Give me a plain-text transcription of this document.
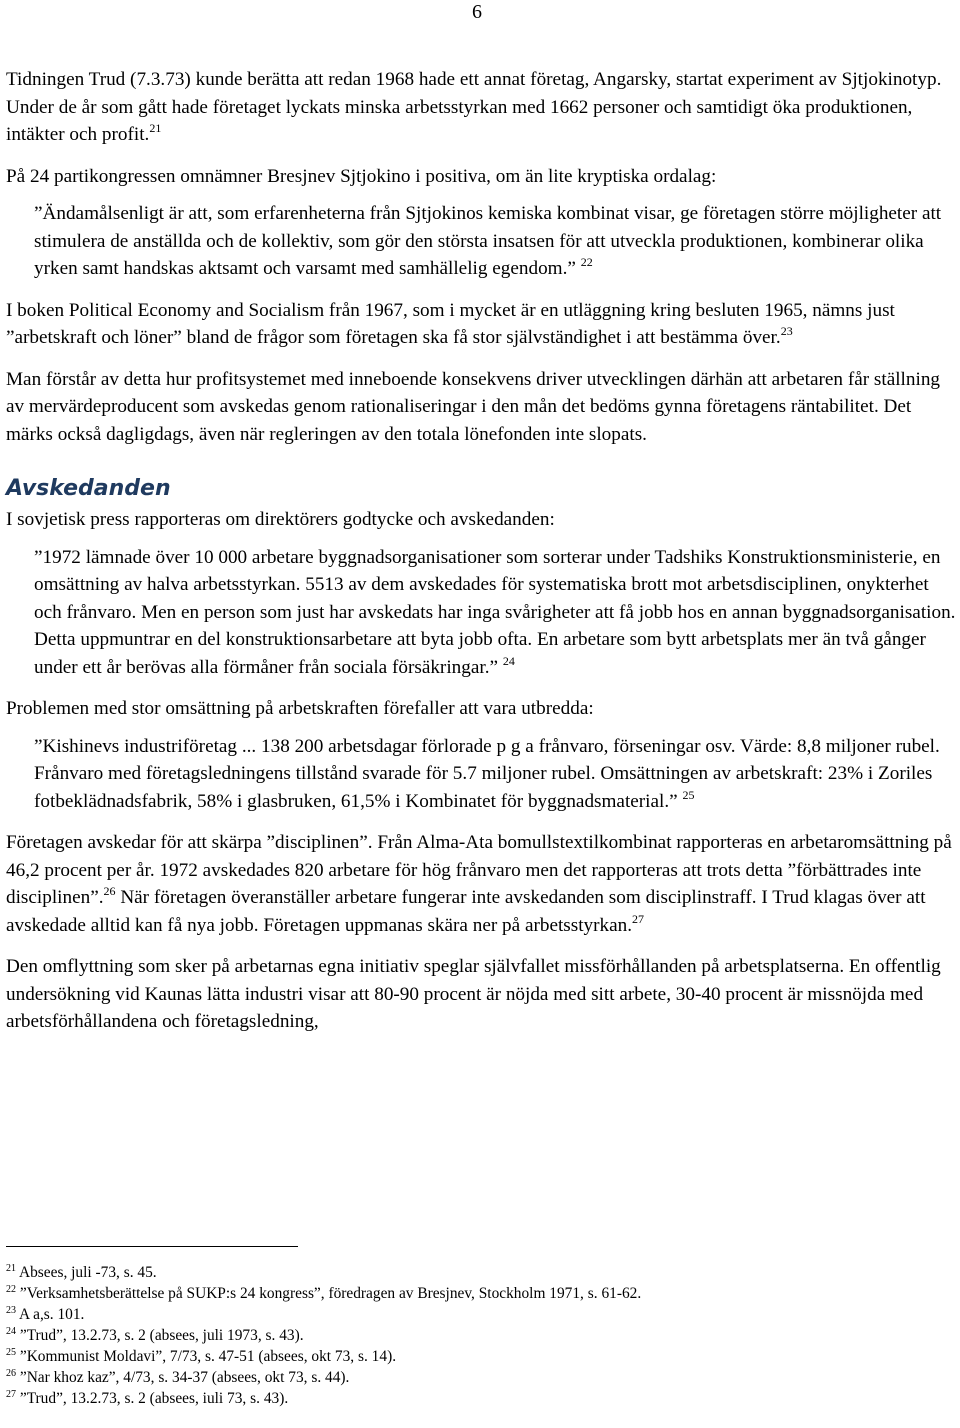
6

Tidningen Trud (7.3.73) kunde berätta att redan 1968 hade ett annat företag, Angarsky, startat experiment av Sjtjokinotyp. Under de år som gått hade företaget lyckats minska arbetsstyrkan med 1662 personer och samtidigt öka produktionen, intäkter och profit.$^{21}$

På 24 partikongressen omnämner Bresjnev Sjtjokino i positiva, om än lite kryptiska ordalag:

”Ändamålsenligt är att, som erfarenheterna från Sjtjokinos kemiska kombinat visar, ge företagen större möjligheter att stimulera de anställda och de kollektiv, som gör den största insatsen för att utveckla produktionen, kombinerar olika yrken samt handskas aktsamt och varsamt med samhällelig egendom.” $^{22}$

I boken Political Economy and Socialism från 1967, som i mycket är en utläggning kring besluten 1965, nämns just ”arbetskraft och löner” bland de frågor som företagen ska få stor självständighet i att bestämma över.$^{23}$

Man förstår av detta hur profitsystemet med inneboende konsekvens driver utvecklingen därhän att arbetaren får ställning av mervärdeproducent som avskedas genom rationaliseringar i den mån det bedöms gynna företagens räntabilitet. Det märks också dagligdags, även när regleringen av den totala lönefonden inte slopats.

Avskedanden

I sovjetisk press rapporteras om direktörers godtycke och avskedanden:

”1972 lämnade över 10 000 arbetare byggnadsorganisationer som sorterar under Tadshiks Konstruktionsministerie, en omsättning av halva arbetsstyrkan. 5513 av dem avskedades för systematiska brott mot arbetsdisciplinen, onykterhet och frånvaro. Men en person som just har avskedats har inga svårigheter att få jobb hos en annan byggnadsorganisation. Detta uppmuntrar en del konstruktionsarbetare att byta jobb ofta. En arbetare som bytt arbetsplats mer än två gånger under ett år berövas alla förmåner från sociala försäkringar.” $^{24}$

Problemen med stor omsättning på arbetskraften förefaller att vara utbredda:

”Kishinevs industriföretag ... 138 200 arbetsdagar förlorade p g a frånvaro, förseningar osv. Värde: 8,8 miljoner rubel. Frånvaro med företagsledningens tillstånd svarade för 5.7 miljoner rubel. Omsättningen av arbetskraft: 23% i Zoriles fotbeklädnadsfabrik, 58% i glasbruken, 61,5% i Kombinatet för byggnadsmaterial.” $^{25}$

Företagen avskedar för att skärpa ”disciplinen”. Från Alma-Ata bomullstextilkombinat rapporteras en arbetaromsättning på 46,2 procent per år. 1972 avskedades 820 arbetare för hög frånvaro men det rapporteras att trots detta ”förbättrades inte disciplinen”.$^{26}$ När företagen överanställer arbetare fungerar inte avskedanden som disciplinstraff. I Trud klagas över att avskedade alltid kan få nya jobb. Företagen uppmanas skära ner på arbetsstyrkan.$^{27}$

Den omflyttning som sker på arbetarnas egna initiativ speglar självfallet missförhållanden på arbetsplatserna. En offentlig undersökning vid Kaunas lätta industri visar att 80-90 procent är nöjda med sitt arbete, 30-40 procent är missnöjda med arbetsförhållandena och företagsledning,

$^{21}$ Absees, juli -73, s. 45.

$^{22}$ ”Verksamhetsberättelse på SUKP:s 24 kongress”, föredragen av Bresjnev, Stockholm 1971, s. 61-62.

$^{23}$ A a,s. 101.

$^{24}$ ”Trud”, 13.2.73, s. 2 (absees, juli 1973, s. 43).

$^{25}$ ”Kommunist Moldavi”, 7/73, s. 47-51 (absees, okt 73, s. 14).

$^{26}$ ”Nar khoz kaz”, 4/73, s. 34-37 (absees, okt 73, s. 44).

$^{27}$ ”Trud”, 13.2.73, s. 2 (absees, iuli 73, s. 43).
